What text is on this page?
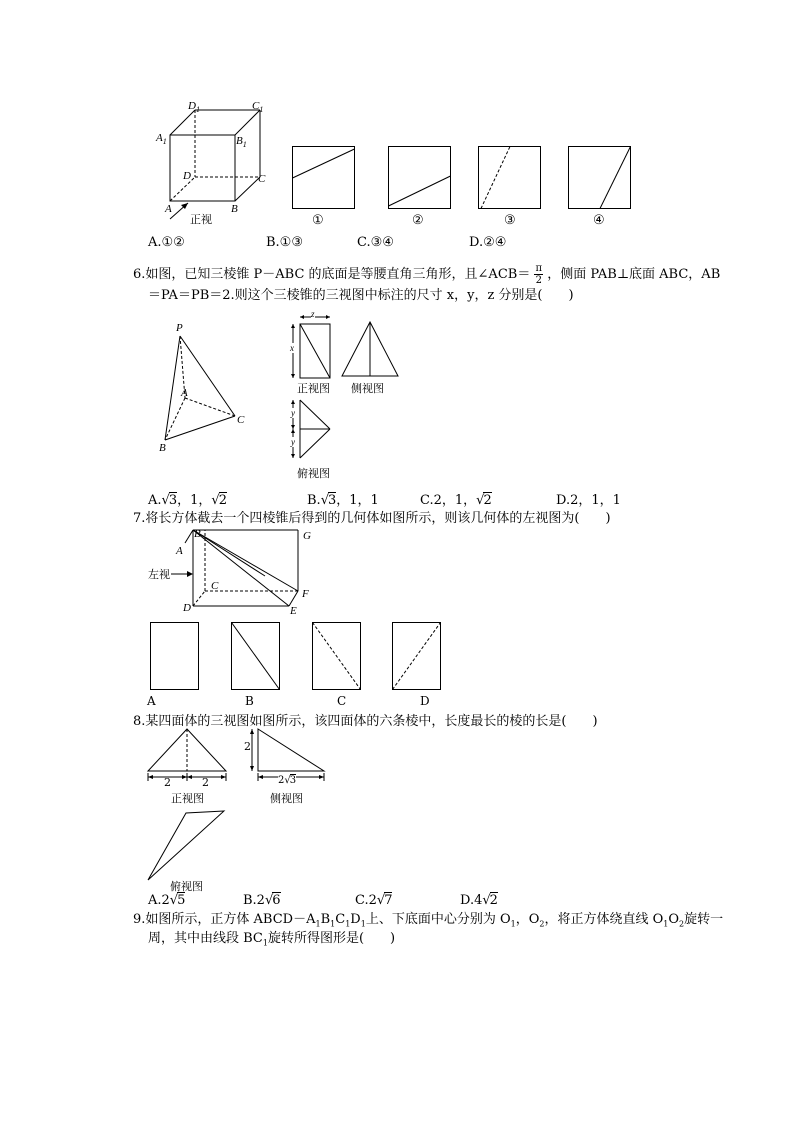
$D_1$	$C_1$
$A_1$	$B_1$
D	C
A	B
正视	①	②	③	④
A.①②	B.①③	C.③④	D.②④
6.如图，已知三棱锥 P－ABC 的底面是等腰直角三角形，且∠ACB＝ $\frac{\pi}{2}$ ，侧面 PAB⊥底面 ABC，AB
＝PA＝PB＝2.则这个三棱锥的三视图中标注的尺寸 x，y，z 分别是(　　)
P
A
C
B
z
x
正视图 侧视图
y
y
俯视图
A.√3，1，√2	B.√3，1，1	C.2，1，√2	D.2，1，1
7.将长方体截去一个四棱锥后得到的几何体如图所示，则该几何体的左视图为(　　)
B	G
A
C
F
D	E
左视
A	B	C	D
8.某四面体的三视图如图所示，该四面体的六条棱中，长度最长的棱的长是(　　)
2	2
正视图
2
2√3
侧视图
俯视图
A.2√5	B.2√6	C.2√7	D.4√2
9.如图所示，正方体 $ABCD-A_1B_1C_1D_1$上、下底面中心分别为 $O_1$，$O_2$，将正方体绕直线 $O_1O_2$旋转一
周，其中由线段 $BC_1$旋转所得图形是(　　)
